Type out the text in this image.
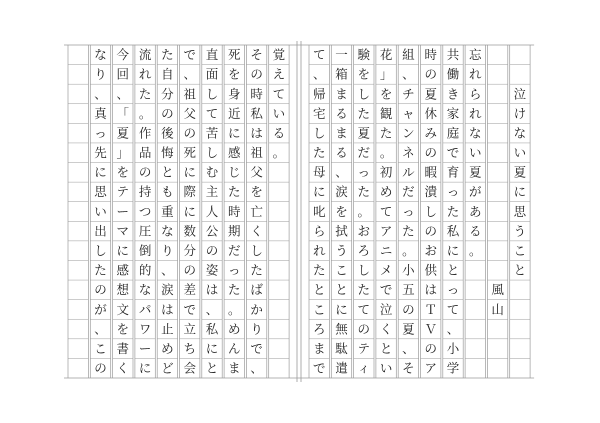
泣
け
な
い
夏
に
思
う
こ
と
風
山
忘
れ
ら
れ
な
い
夏
が
あ
る
。
共
働
き
家
庭
で
育
っ
た
私
に
と
っ
て
、
小
学
時
の
夏
休
み
の
暇
潰
し
の
お
供
は
Ｔ
Ｖ
の
ア
組
、
チ
ャ
ン
ネ
ル
だ
っ
た
。
小
五
の
夏
、
そ
花
」
を
観
た
。
初
め
て
ア
ニ
メ
で
泣
く
と
い
験
を
し
た
夏
だ
っ
た
。
お
ろ
し
た
て
の
テ
ィ
一
箱
ま
る
ま
る
、
涙
を
拭
う
こ
と
に
無
駄
遣
て
、
帰
宅
し
た
母
に
叱
ら
れ
た
と
こ
ろ
ま
で
覚
え
て
い
る
。
そ
の
時
私
は
祖
父
を
亡
く
し
た
ば
か
り
で
、
死
を
身
近
に
感
じ
た
時
期
だ
っ
た
。
め
ん
ま
直
面
し
て
苦
し
む
主
人
公
の
姿
は
、
私
に
と
で
、
祖
父
の
死
に
際
に
数
分
の
差
で
立
ち
会
た
自
分
の
後
悔
と
も
重
な
り
、
涙
は
止
め
ど
流
れ
た
。
作
品
の
持
つ
圧
倒
的
な
パ
ワ
ー
に
今
回
、
「
夏
」
を
テ
ー
マ
に
感
想
文
を
書
く
な
り
、
真
っ
先
に
思
い
出
し
た
の
が
、
こ
の
